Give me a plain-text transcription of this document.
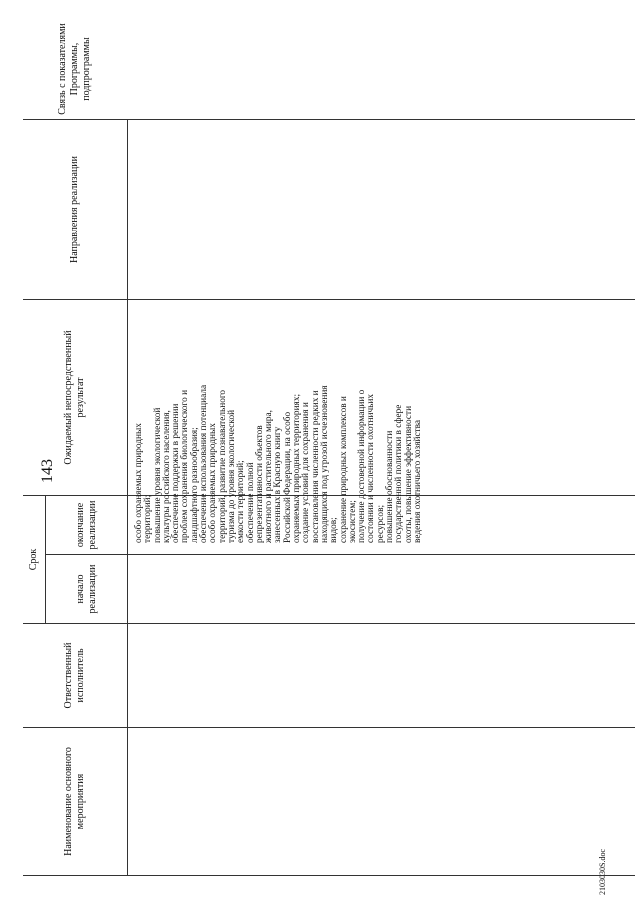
143
2103030S.doc
Наименование основного мероприятия
Ответственный исполнитель
Срок
начало реализации
окончание реализации
Ожидаемый непосредственный результат
Направления реализации
Связь с показателями Программы, подпрограммы
особо охраняемых природных территорий; повышение уровня экологической культуры российского населения, обеспечение поддержки в решении проблем сохранения биологического и ландшафтного разнообразия; обеспечение использования потенциала особо охраняемых природных территорий, развитие познавательного туризма до уровня экологической емкости территорий; обеспечение полной репрезентативности объектов животного и растительного мира, занесенных в Красную книгу Российской Федерации, на особо охраняемых природных территориях; создание условий для сохранения и восстановления численности редких и находящихся под угрозой исчезновения видов; сохранение природных комплексов и экосистем; получение достоверной информации о состоянии и численности охотничьих ресурсов; повышение обоснованности государственной политики в сфере охоты, повышение эффективности ведения охотничьего хозяйства
